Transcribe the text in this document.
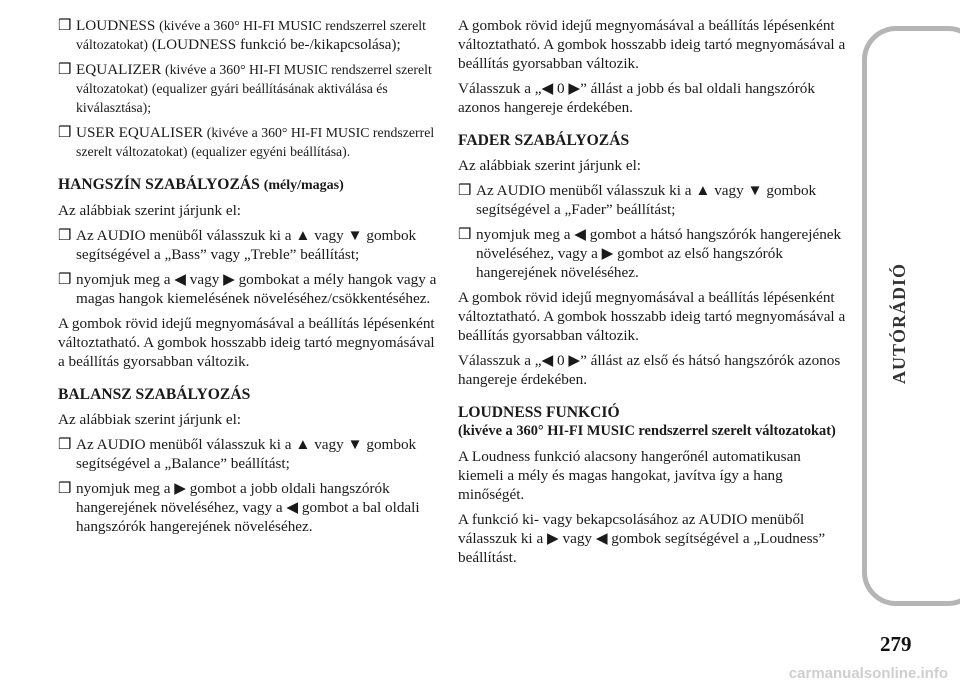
❒ LOUDNESS (kivéve a 360° HI-FI MUSIC rendszerrel szerelt változatokat) (LOUDNESS funkció be-/kikapcsolása);
❒ EQUALIZER (kivéve a 360° HI-FI MUSIC rendszerrel szerelt változatokat) (equalizer gyári beállításának aktiválása és kiválasztása);
❒ USER EQUALISER (kivéve a 360° HI-FI MUSIC rendszerrel szerelt változatokat) (equalizer egyéni beállítása).
HANGSZÍN SZABÁLYOZÁS (mély/magas)

Az alábbiak szerint járjunk el:

❒ Az AUDIO menüből válasszuk ki a ▲ vagy ▼ gombok segítségével a „Bass” vagy „Treble” beállítást;
❒ nyomjuk meg a ◀ vagy ▶ gombokat a mély hangok vagy a magas hangok kiemelésének növeléséhez/csökkentéséhez.

A gombok rövid idejű megnyomásával a beállítás lépésenként változtatható. A gombok hosszabb ideig tartó megnyomásával a beállítás gyorsabban változik.

BALANSZ SZABÁLYOZÁS

Az alábbiak szerint járjunk el:

❒ Az AUDIO menüből válasszuk ki a ▲ vagy ▼ gombok segítségével a „Balance” beállítást;
❒ nyomjuk meg a ▶ gombot a jobb oldali hangszórók hangerejének növeléséhez, vagy a ◀ gombot a bal oldali hangszórók hangerejének növeléséhez.

A gombok rövid idejű megnyomásával a beállítás lépésenként változtatható. A gombok hosszabb ideig tartó megnyomásával a beállítás gyorsabban változik.

Válasszuk a „◀ 0 ▶” állást a jobb és bal oldali hangszórók azonos hangereje érdekében.

FADER SZABÁLYOZÁS

Az alábbiak szerint járjunk el:

❒ Az AUDIO menüből válasszuk ki a ▲ vagy ▼ gombok segítségével a „Fader” beállítást;
❒ nyomjuk meg a ◀ gombot a hátsó hangszórók hangerejének növeléséhez, vagy a ▶ gombot az első hangszórók hangerejének növeléséhez.

A gombok rövid idejű megnyomásával a beállítás lépésenként változtatható. A gombok hosszabb ideig tartó megnyomásával a beállítás gyorsabban változik.

Válasszuk a „◀ 0 ▶” állást az első és hátsó hangszórók azonos hangereje érdekében.

LOUDNESS FUNKCIÓ
(kivéve a 360° HI-FI MUSIC rendszerrel szerelt változatokat)

A Loudness funkció alacsony hangerőnél automatikusan kiemeli a mély és magas hangokat, javítva így a hang minőségét.

A funkció ki- vagy bekapcsolásához az AUDIO menüből válasszuk ki a ▶ vagy ◀ gombok segítségével a „Loudness” beállítást.

AUTÓRÁDIÓ
279
carmanualsonline.info
